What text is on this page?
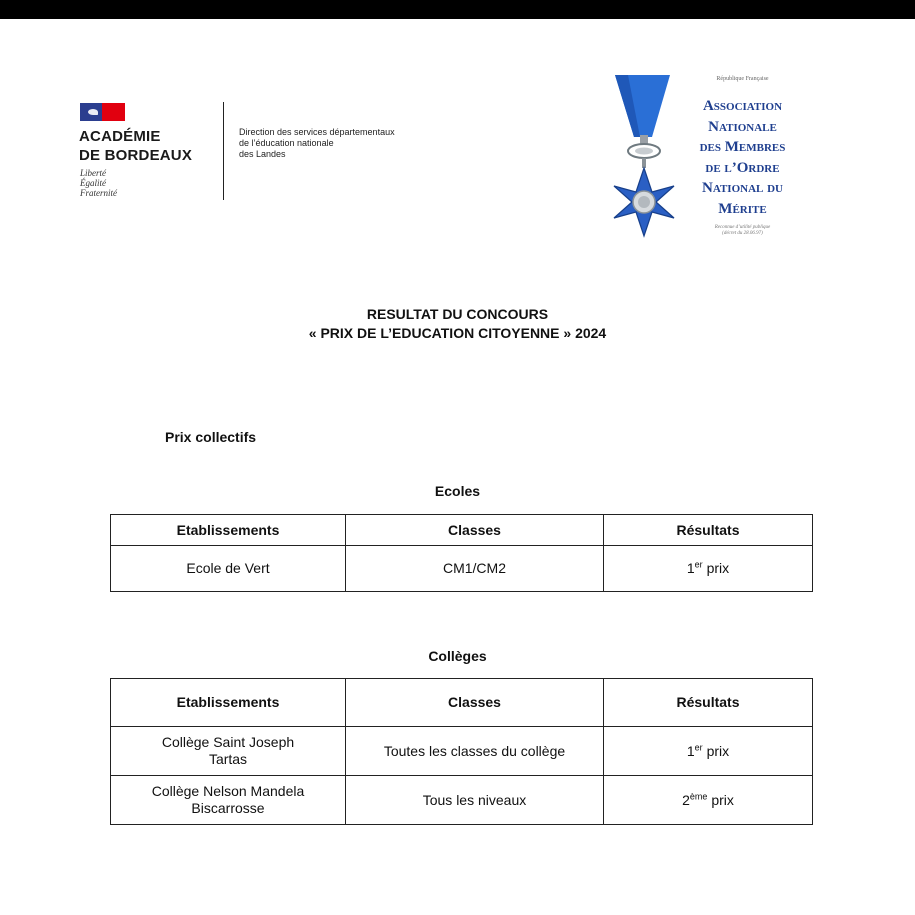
ACADÉMIE
DE BORDEAUX
Liberté
Égalité
Fraternité
Direction des services départementaux
de l’éducation nationale
des Landes
République Française
Association
Nationale
des Membres
de l’Ordre
National du
Mérite
Reconnue d’utilité publique
(décret du 28.06.97)
RESULTAT DU CONCOURS
« PRIX DE L’EDUCATION CITOYENNE » 2024
Prix collectifs
Ecoles
Etablissements	Classes	Résultats
Ecole de Vert	CM1/CM2	1er prix
Collèges
Etablissements	Classes	Résultats

Collège Saint Joseph
Tartas	Toutes les classes du collège	1er prix

Collège Nelson Mandela
Biscarrosse	Tous les niveaux	2ème prix
